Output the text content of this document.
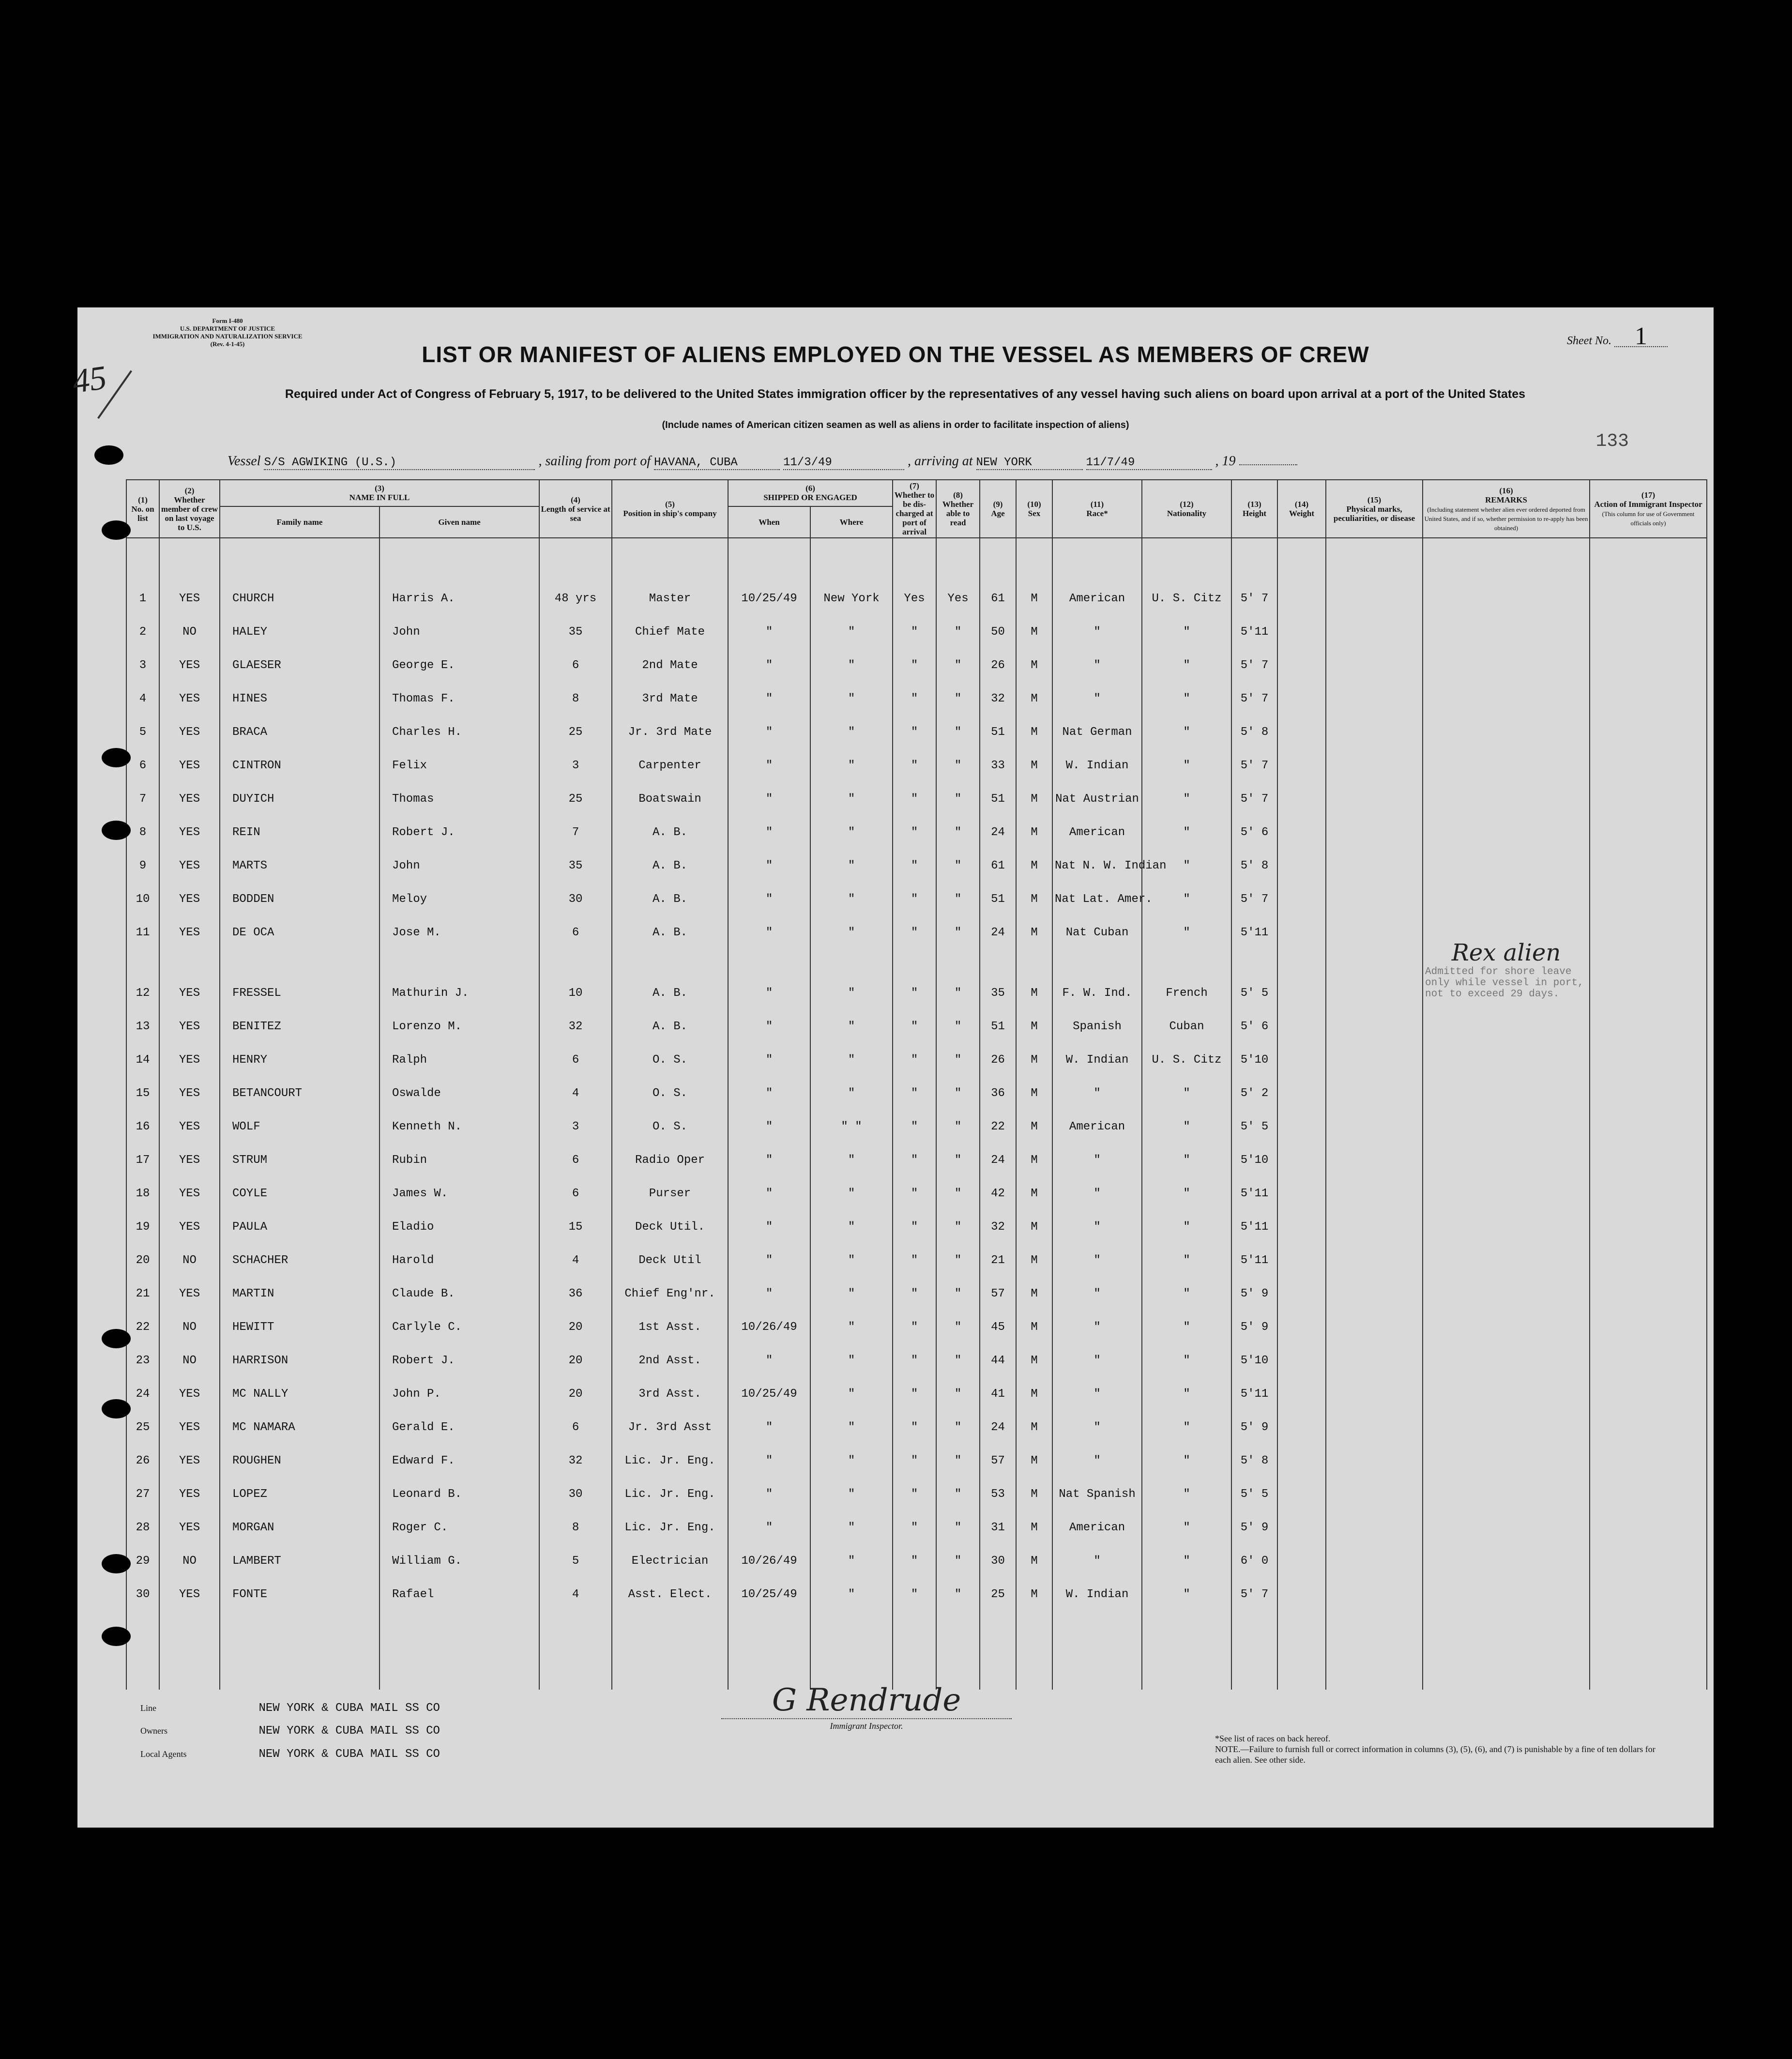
Form I-480
U.S. DEPARTMENT OF JUSTICE
IMMIGRATION AND NATURALIZATION SERVICE
(Rev. 4-1-45)
45
Sheet No. 1
LIST OR MANIFEST OF ALIENS EMPLOYED ON THE VESSEL AS MEMBERS OF CREW
Required under Act of Congress of February 5, 1917, to be delivered to the United States immigration officer by the representatives of any vessel having such aliens on board upon arrival at a port of the United States
(Include names of American citizen seamen as well as aliens in order to facilitate inspection of aliens)
133
Vessel S/S AGWIKING (U.S.)	, sailing from port of HAVANA, CUBA	11/3/49	, arriving at NEW YORK	11/7/49	, 19
(1)
No. on list	(2)
Whether member of crew on last voyage to U.S.	(3)
NAME IN FULL		(4)
Length of service at sea	(5)
Position in ship's company	(6)
SHIPPED OR ENGAGED		(7)
Whether to be dis-charged at port of arrival	(8)
Whether able to read	(9)
Age	(10)
Sex	(11)
Race*	(12)
Nationality	(13)
Height	(14)
Weight	(15)
Physical marks, peculiarities, or disease	(16)
REMARKS
(Including statement whether alien ever ordered deported from United States, and if so, whether permission to re-apply has been obtained)	(17)
Action of Immigrant Inspector
(This column for use of Government officials only)
		Family name	Given name			When	Where											

1	YES	CHURCH	Harris A.	48 yrs	Master	10/25/49	New York	Yes	Yes	61	M	American	U. S. Citz	5' 7				
2	NO	HALEY	John	35	Chief Mate	"	"	"	"	50	M	"	"	5'11				
3	YES	GLAESER	George E.	6	2nd Mate	"	"	"	"	26	M	"	"	5' 7				
4	YES	HINES	Thomas F.	8	3rd Mate	"	"	"	"	32	M	"	"	5' 7				
5	YES	BRACA	Charles H.	25	Jr. 3rd Mate	"	"	"	"	51	M	Nat German	"	5' 8				
6	YES	CINTRON	Felix	3	Carpenter	"	"	"	"	33	M	W. Indian	"	5' 7				
7	YES	DUYICH	Thomas	25	Boatswain	"	"	"	"	51	M	Nat Austrian	"	5' 7				
8	YES	REIN	Robert J.	7	A. B.	"	"	"	"	24	M	American	"	5' 6				
9	YES	MARTS	John	35	A. B.	"	"	"	"	61	M	Nat N. W. Indian	"	5' 8				
10	YES	BODDEN	Meloy	30	A. B.	"	"	"	"	51	M	Nat Lat. Amer.	"	5' 7				
11	YES	DE OCA	Jose M.	6	A. B.	"	"	"	"	24	M	Nat Cuban	"	5'11				
12	YES	FRESSEL	Mathurin J.	10	A. B.	"	"	"	"	35	M	F. W. Ind.	French	5' 5			Rex alien
Admitted for shore leave only while vessel in port, not to exceed 29 days.	
13	YES	BENITEZ	Lorenzo M.	32	A. B.	"	"	"	"	51	M	Spanish	Cuban	5' 6				
14	YES	HENRY	Ralph	6	O. S.	"	"	"	"	26	M	W. Indian	U. S. Citz	5'10				
15	YES	BETANCOURT	Oswalde	4	O. S.	"	"	"	"	36	M	"	"	5' 2				
16	YES	WOLF	Kenneth N.	3	O. S.	"	" "	"	"	22	M	American	"	5' 5				
17	YES	STRUM	Rubin	6	Radio Oper	"	"	"	"	24	M	"	"	5'10				
18	YES	COYLE	James W.	6	Purser	"	"	"	"	42	M	"	"	5'11				
19	YES	PAULA	Eladio	15	Deck Util.	"	"	"	"	32	M	"	"	5'11				
20	NO	SCHACHER	Harold	4	Deck Util	"	"	"	"	21	M	"	"	5'11				
21	YES	MARTIN	Claude B.	36	Chief Eng'nr.	"	"	"	"	57	M	"	"	5' 9				
22	NO	HEWITT	Carlyle C.	20	1st Asst.	10/26/49	"	"	"	45	M	"	"	5' 9				
23	NO	HARRISON	Robert J.	20	2nd Asst.	"	"	"	"	44	M	"	"	5'10				
24	YES	MC NALLY	John P.	20	3rd Asst.	10/25/49	"	"	"	41	M	"	"	5'11				
25	YES	MC NAMARA	Gerald E.	6	Jr. 3rd Asst	"	"	"	"	24	M	"	"	5' 9				
26	YES	ROUGHEN	Edward F.	32	Lic. Jr. Eng.	"	"	"	"	57	M	"	"	5' 8				
27	YES	LOPEZ	Leonard B.	30	Lic. Jr. Eng.	"	"	"	"	53	M	Nat Spanish	"	5' 5				
28	YES	MORGAN	Roger C.	8	Lic. Jr. Eng.	"	"	"	"	31	M	American	"	5' 9				
29	NO	LAMBERT	William G.	5	Electrician	10/26/49	"	"	"	30	M	"	"	6' 0				
30	YES	FONTE	Rafael	4	Asst. Elect.	10/25/49	"	"	"	25	M	W. Indian	"	5' 7				

Line	NEW YORK & CUBA MAIL SS CO
Owners	NEW YORK & CUBA MAIL SS CO
Local Agents	NEW YORK & CUBA MAIL SS CO
G Rendrude
Immigrant Inspector.
*See list of races on back hereof.
NOTE.—Failure to furnish full or correct information in columns (3), (5), (6), and (7) is punishable by a fine of ten dollars for each alien. See other side.
